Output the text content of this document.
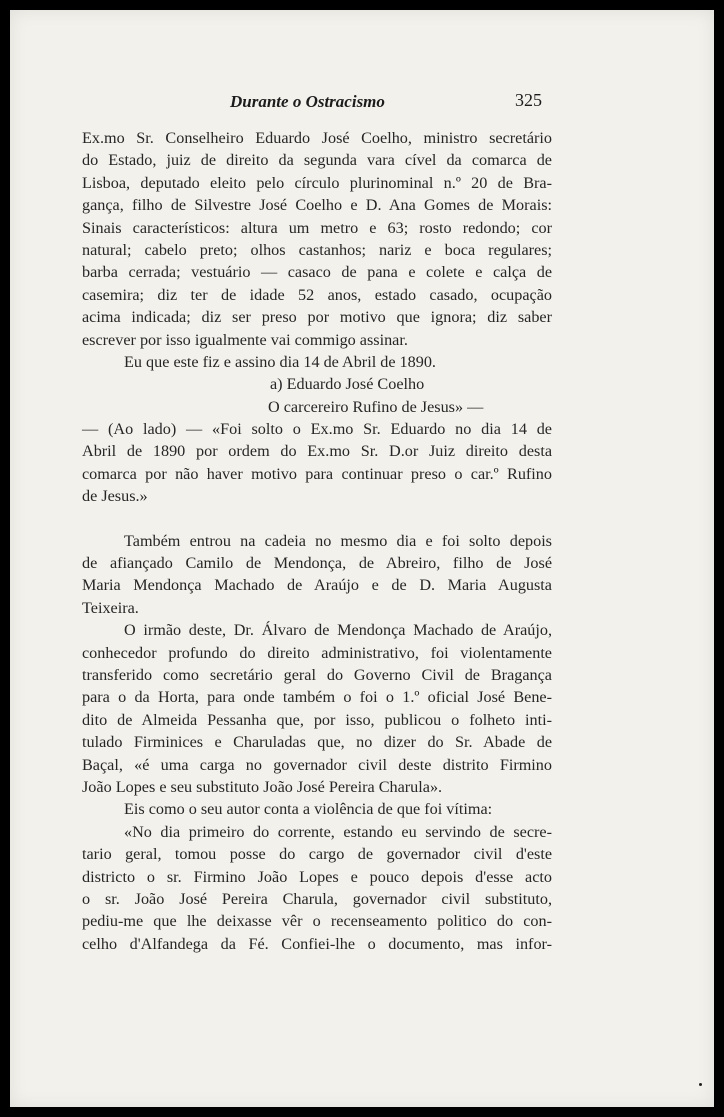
Durante o Ostracismo	325
Ex.mo Sr. Conselheiro Eduardo José Coelho, ministro secretário
do Estado, juiz de direito da segunda vara cível da comarca de
Lisboa, deputado eleito pelo círculo plurinominal n.º 20 de Bra-
gança, filho de Silvestre José Coelho e D. Ana Gomes de Morais:
Sinais característicos: altura um metro e 63; rosto redondo; cor
natural; cabelo preto; olhos castanhos; nariz e boca regulares;
barba cerrada; vestuário — casaco de pana e colete e calça de
casemira; diz ter de idade 52 anos, estado casado, ocupação
acima indicada; diz ser preso por motivo que ignora; diz saber
escrever por isso igualmente vai commigo assinar.
Eu que este fiz e assino dia 14 de Abril de 1890.
a) Eduardo José Coelho
O carcereiro Rufino de Jesus» —
— (Ao lado) — «Foi solto o Ex.mo Sr. Eduardo no dia 14 de
Abril de 1890 por ordem do Ex.mo Sr. D.or Juiz direito desta
comarca por não haver motivo para continuar preso o car.º Rufino
de Jesus.»
Também entrou na cadeia no mesmo dia e foi solto depois
de afiançado Camilo de Mendonça, de Abreiro, filho de José
Maria Mendonça Machado de Araújo e de D. Maria Augusta
Teixeira.
O irmão deste, Dr. Álvaro de Mendonça Machado de Araújo,
conhecedor profundo do direito administrativo, foi violentamente
transferido como secretário geral do Governo Civil de Bragança
para o da Horta, para onde também o foi o 1.º oficial José Bene-
dito de Almeida Pessanha que, por isso, publicou o folheto inti-
tulado Firminices e Charuladas que, no dizer do Sr. Abade de
Baçal, «é uma carga no governador civil deste distrito Firmino
João Lopes e seu substituto João José Pereira Charula».
Eis como o seu autor conta a violência de que foi vítima:
«No dia primeiro do corrente, estando eu servindo de secre-
tario geral, tomou posse do cargo de governador civil d'este
districto o sr. Firmino João Lopes e pouco depois d'esse acto
o sr. João José Pereira Charula, governador civil substituto,
pediu-me que lhe deixasse vêr o recenseamento politico do con-
celho d'Alfandega da Fé. Confiei-lhe o documento, mas infor-
